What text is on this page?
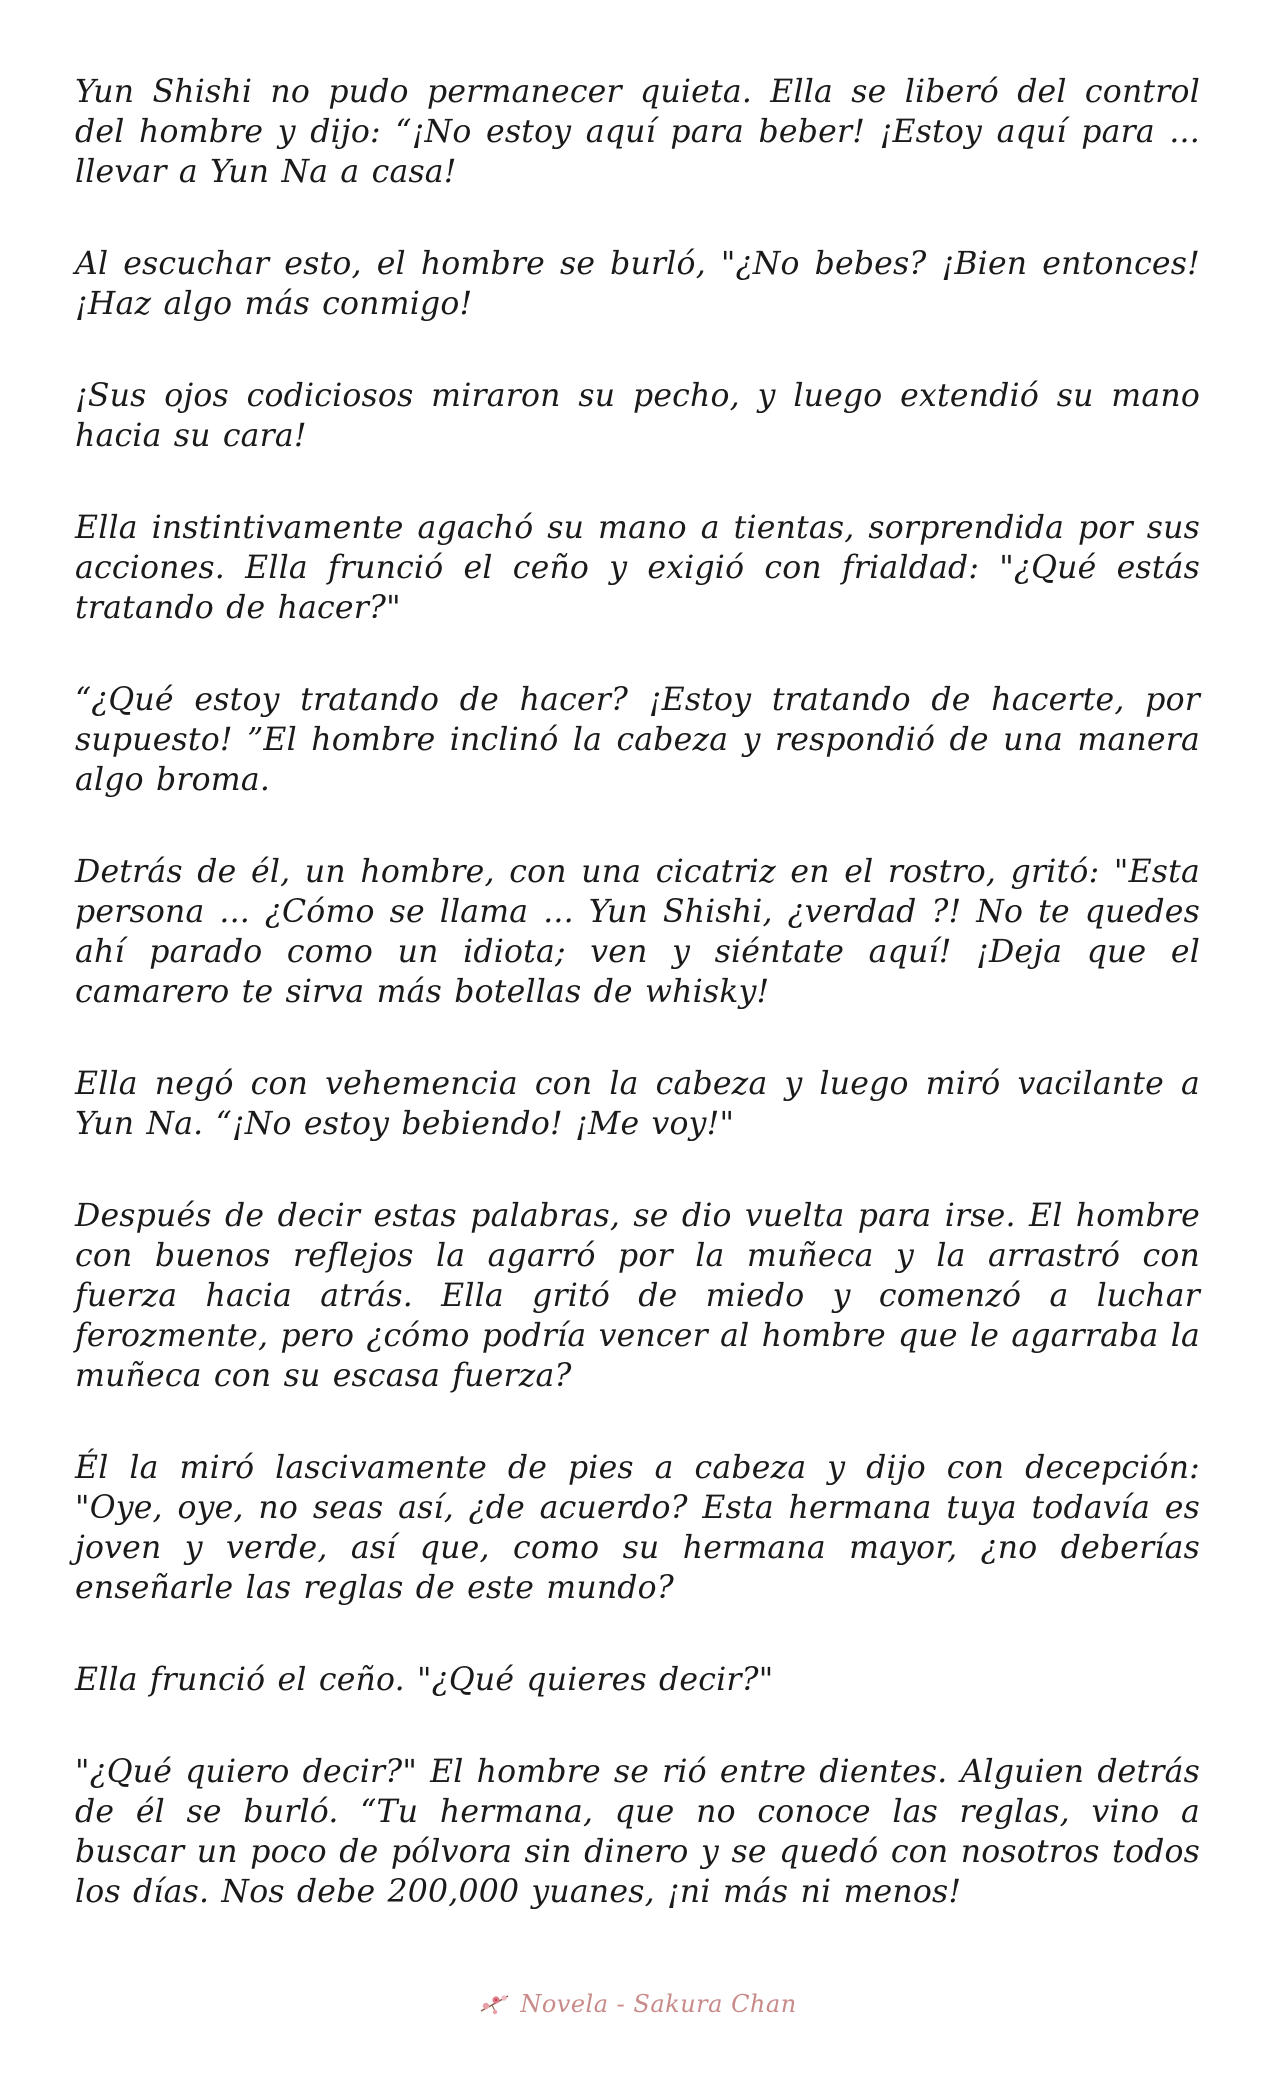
Yun Shishi no pudo permanecer quieta. Ella se liberó del control del hombre y dijo: “¡No estoy aquí para beber! ¡Estoy aquí para ... llevar a Yun Na a casa!

Al escuchar esto, el hombre se burló, "¿No bebes? ¡Bien entonces! ¡Haz algo más conmigo!

¡Sus ojos codiciosos miraron su pecho, y luego extendió su mano hacia su cara!

Ella instintivamente agachó su mano a tientas, sorprendida por sus acciones. Ella frunció el ceño y exigió con frialdad: "¿Qué estás tratando de hacer?"

“¿Qué estoy tratando de hacer? ¡Estoy tratando de hacerte, por supuesto! ”El hombre inclinó la cabeza y respondió de una manera algo broma.

Detrás de él, un hombre, con una cicatriz en el rostro, gritó: "Esta persona ... ¿Cómo se llama ... Yun Shishi, ¿verdad ?! No te quedes ahí parado como un idiota; ven y siéntate aquí! ¡Deja que el camarero te sirva más botellas de whisky!

Ella negó con vehemencia con la cabeza y luego miró vacilante a Yun Na. “¡No estoy bebiendo! ¡Me voy!"

Después de decir estas palabras, se dio vuelta para irse. El hombre con buenos reflejos la agarró por la muñeca y la arrastró con fuerza hacia atrás. Ella gritó de miedo y comenzó a luchar ferozmente, pero ¿cómo podría vencer al hombre que le agarraba la muñeca con su escasa fuerza?

Él la miró lascivamente de pies a cabeza y dijo con decepción: "Oye, oye, no seas así, ¿de acuerdo? Esta hermana tuya todavía es joven y verde, así que, como su hermana mayor, ¿no deberías enseñarle las reglas de este mundo?

Ella frunció el ceño. "¿Qué quieres decir?"

"¿Qué quiero decir?" El hombre se rió entre dientes. Alguien detrás de él se burló. “Tu hermana, que no conoce las reglas, vino a buscar un poco de pólvora sin dinero y se quedó con nosotros todos los días. Nos debe 200,000 yuanes, ¡ni más ni menos!

Novela - Sakura Chan
